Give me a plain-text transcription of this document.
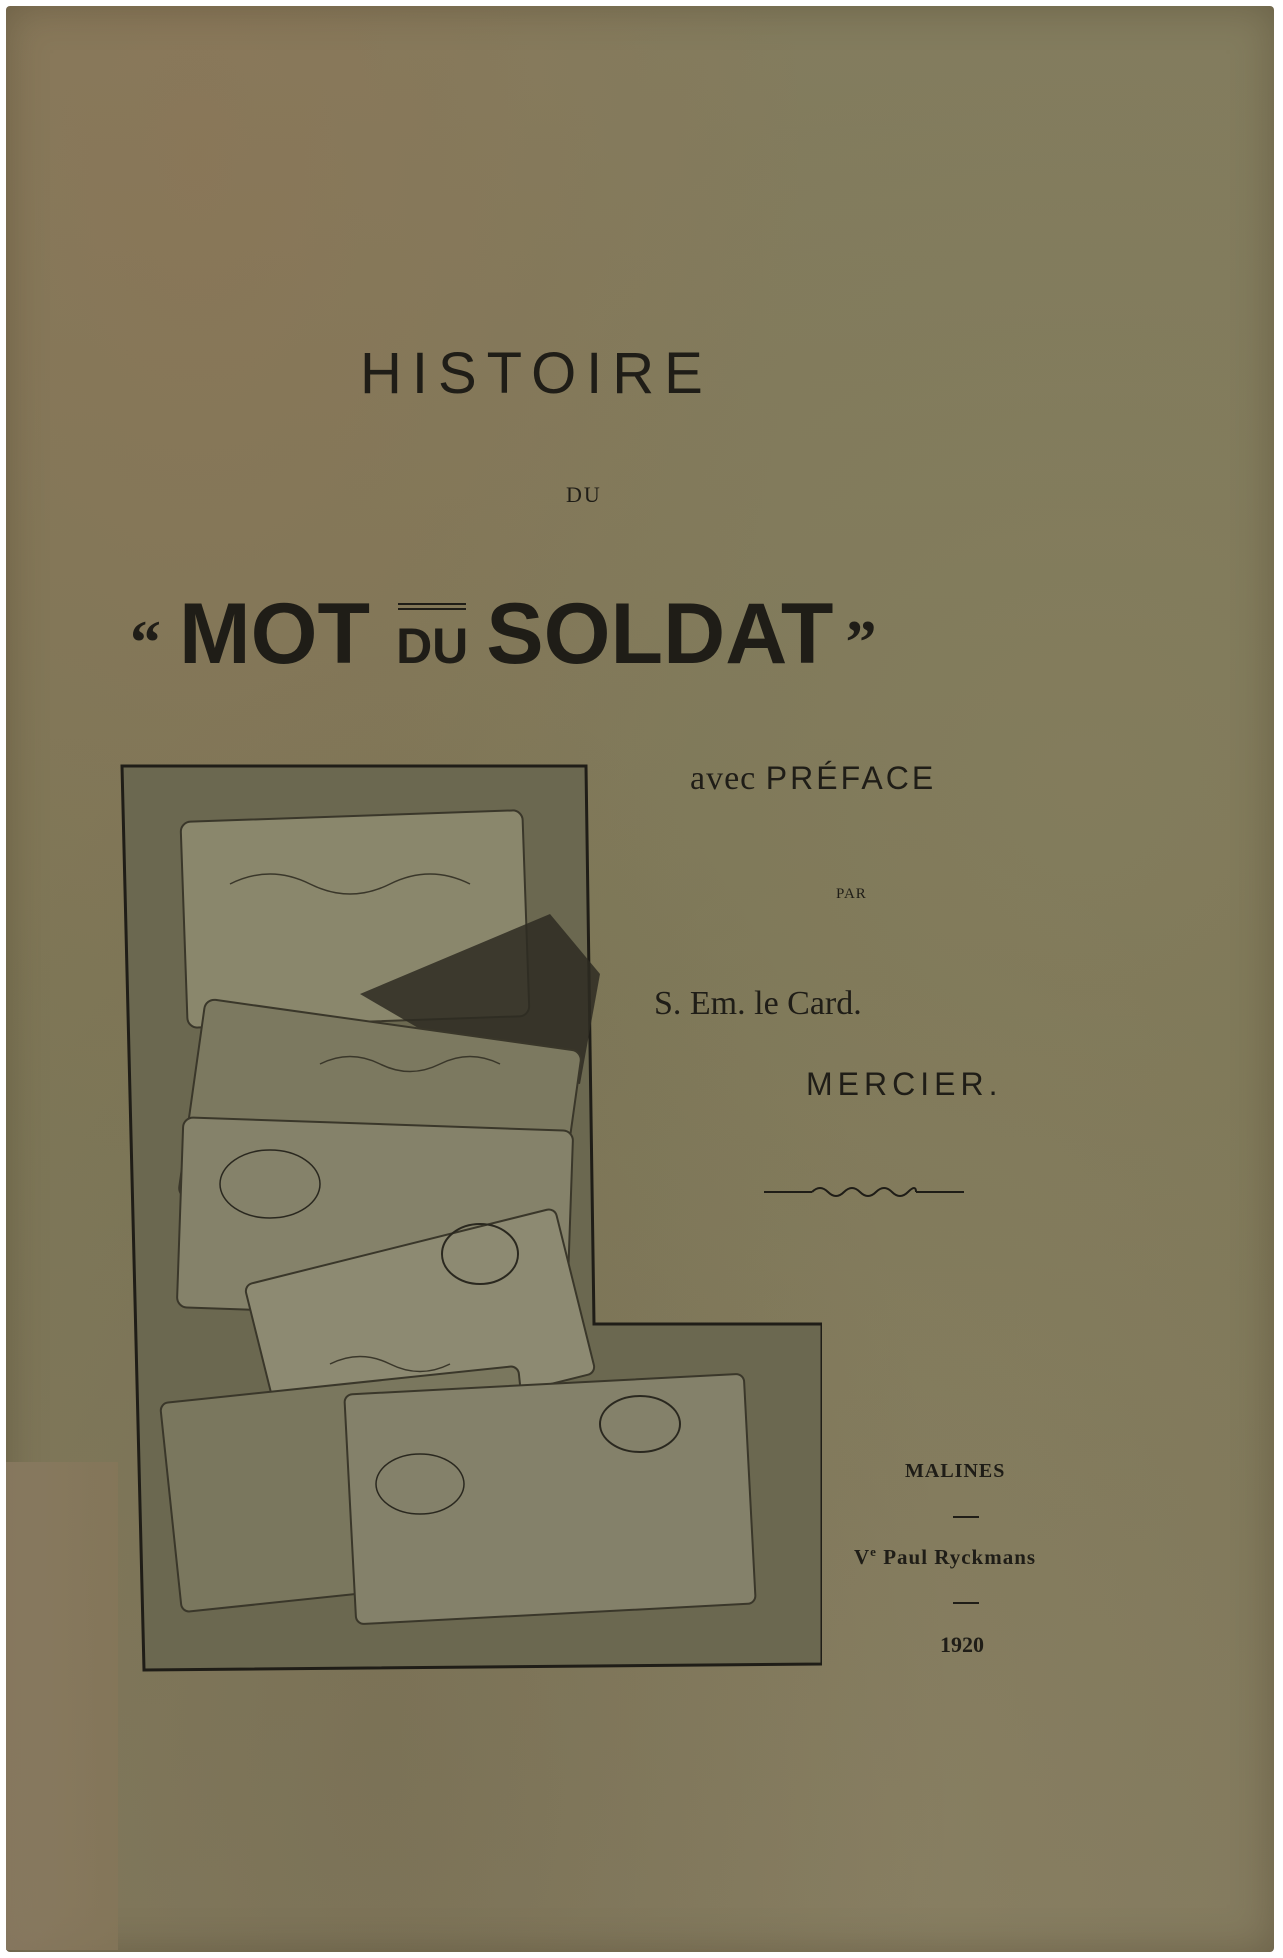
HISTOIRE
DU
“ MOT DU SOLDAT ”
avec PRÉFACE
PAR
S. Em. le Card.
MERCIER.
MALINES
Ve Paul Ryckmans
1920
